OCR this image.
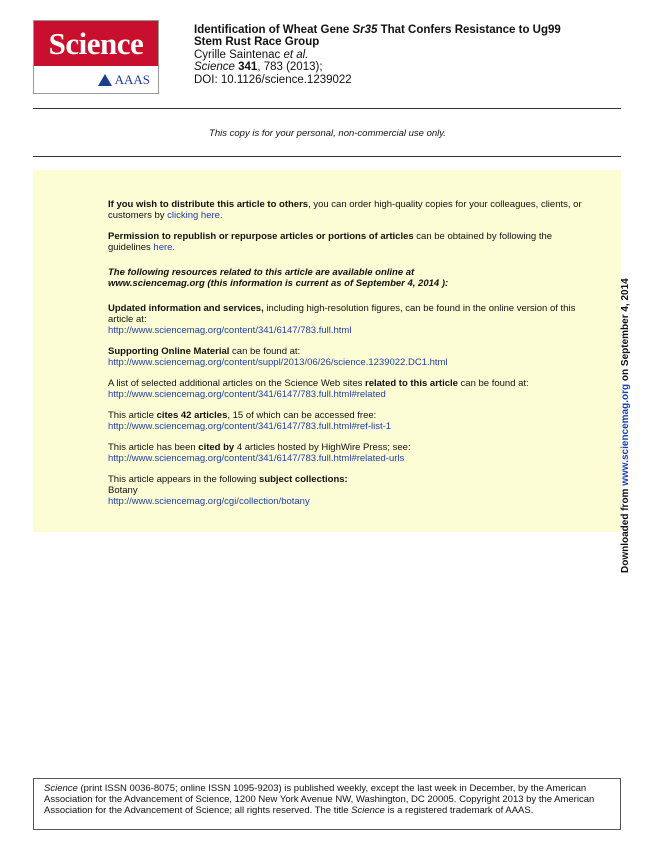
Science
AAAS
Identification of Wheat Gene Sr35 That Confers Resistance to Ug99
Stem Rust Race Group
Cyrille Saintenac et al.
Science 341, 783 (2013);
DOI: 10.1126/science.1239022
This copy is for your personal, non-commercial use only.

If you wish to distribute this article to others, you can order high-quality copies for your colleagues, clients, or customers by clicking here.

Permission to republish or repurpose articles or portions of articles can be obtained by following the guidelines here.

The following resources related to this article are available online at
www.sciencemag.org (this information is current as of September 4, 2014 ):

Updated information and services, including high-resolution figures, can be found in the online version of this article at:
http://www.sciencemag.org/content/341/6147/783.full.html

Supporting Online Material can be found at:
http://www.sciencemag.org/content/suppl/2013/06/26/science.1239022.DC1.html

A list of selected additional articles on the Science Web sites related to this article can be found at:
http://www.sciencemag.org/content/341/6147/783.full.html#related

This article cites 42 articles, 15 of which can be accessed free:
http://www.sciencemag.org/content/341/6147/783.full.html#ref-list-1

This article has been cited by 4 articles hosted by HighWire Press; see:
http://www.sciencemag.org/content/341/6147/783.full.html#related-urls

This article appears in the following subject collections:
Botany
http://www.sciencemag.org/cgi/collection/botany	Downloaded from www.sciencemag.org on September 4, 2014
Science (print ISSN 0036-8075; online ISSN 1095-9203) is published weekly, except the last week in December, by the American Association for the Advancement of Science, 1200 New York Avenue NW, Washington, DC 20005. Copyright 2013 by the American Association for the Advancement of Science; all rights reserved. The title Science is a registered trademark of AAAS.
